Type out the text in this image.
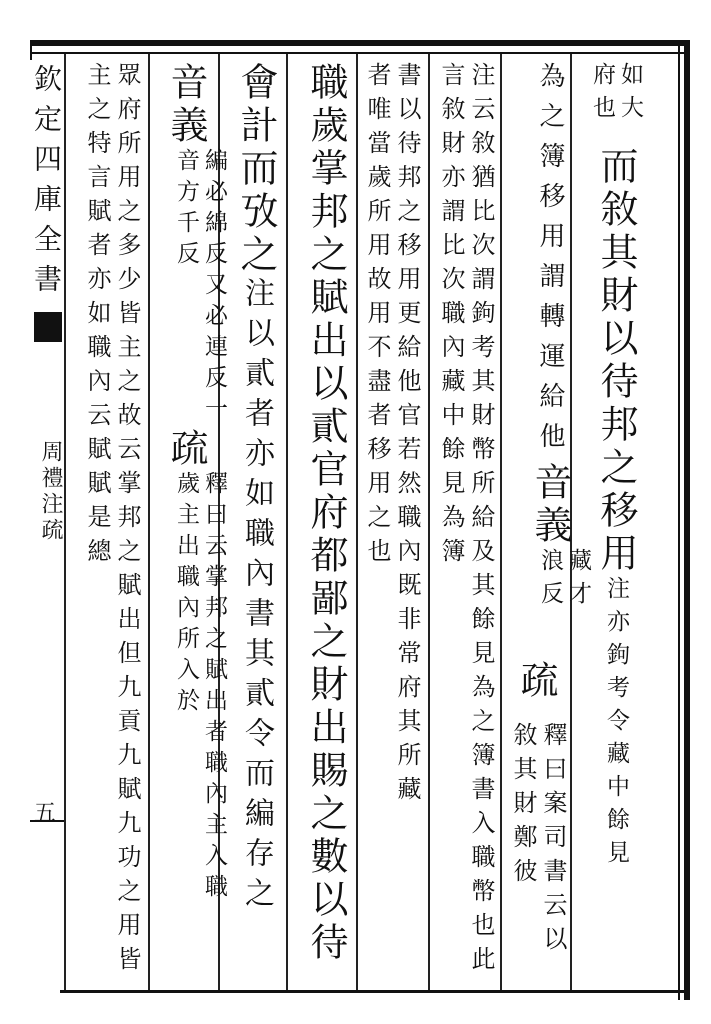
欽定四庫全書
周禮注疏
五
如大府也而敘其財以待邦之移用注亦鉤考令藏中餘見
為之簿移用謂轉運給他音義藏才浪反
疏
釋曰案司書云以敘其財鄭彼
注云敘猶比次謂鉤考其財幣所給及其餘見為之簿書入職幣也此言敘財亦謂比次職內藏中餘見為簿
書以待邦之移用更給他官若然職內既非常府其所藏者唯當歲所用故用不盡者移用之也
職歲掌邦之賦出以貳官府都鄙之財出賜之數以待
會計而攷之注以貳者亦如職內書其貳令而編存之
音義編必綿反又必連反一音方千反疏釋曰云掌邦之賦出者職內主入職歲主出職內所入於
眾府所用之多少皆主之故云掌邦之賦出但九貢九賦九功之用皆主之特言賦者亦如職內云賦賦是總
